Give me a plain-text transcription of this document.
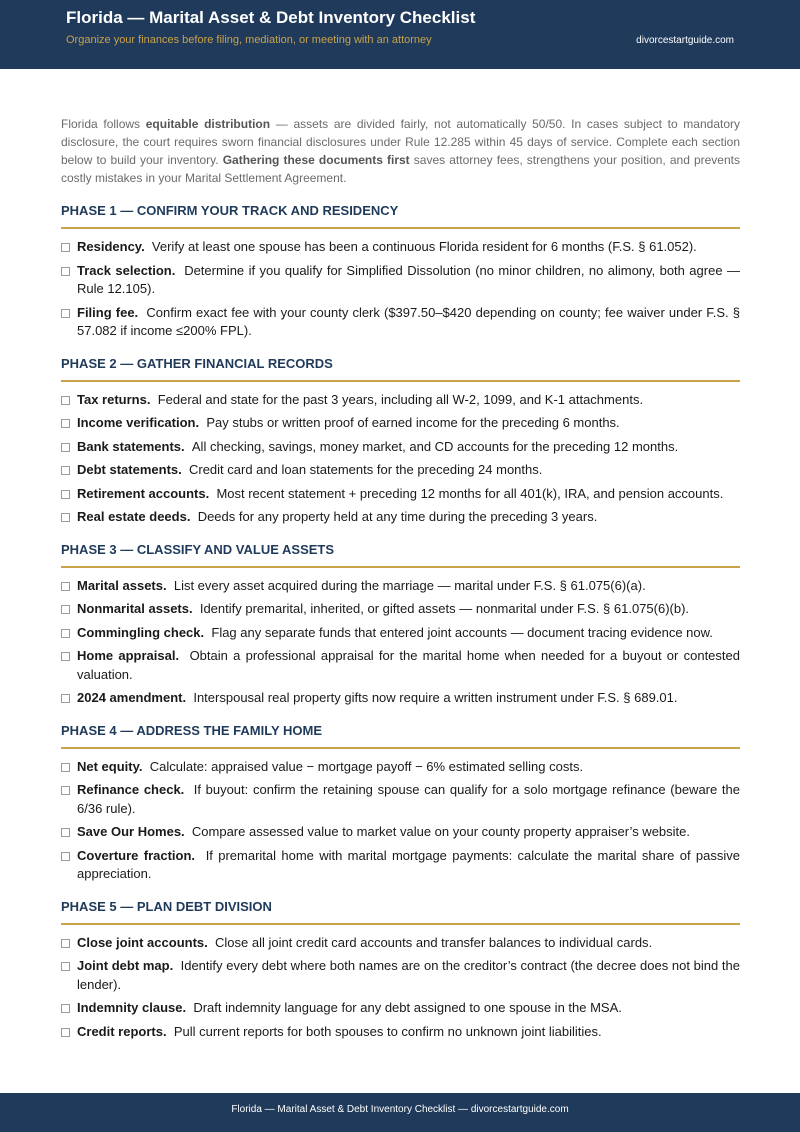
Florida — Marital Asset & Debt Inventory Checklist
Organize your finances before filing, mediation, or meeting with an attorney	divorcestartguide.com

Florida follows equitable distribution — assets are divided fairly, not automatically 50/50. In cases subject to mandatory disclosure, the court requires sworn financial disclosures under Rule 12.285 within 45 days of service. Complete each section below to build your inventory. Gathering these documents first saves attorney fees, strengthens your position, and prevents costly mistakes in your Marital Settlement Agreement.

PHASE 1 — CONFIRM YOUR TRACK AND RESIDENCY
Residency. Verify at least one spouse has been a continuous Florida resident for 6 months (F.S. § 61.052).
Track selection. Determine if you qualify for Simplified Dissolution (no minor children, no alimony, both agree — Rule 12.105).
Filing fee. Confirm exact fee with your county clerk ($397.50–$420 depending on county; fee waiver under F.S. § 57.082 if income ≤200% FPL).
PHASE 2 — GATHER FINANCIAL RECORDS
Tax returns. Federal and state for the past 3 years, including all W-2, 1099, and K-1 attachments.
Income verification. Pay stubs or written proof of earned income for the preceding 6 months.
Bank statements. All checking, savings, money market, and CD accounts for the preceding 12 months.
Debt statements. Credit card and loan statements for the preceding 24 months.
Retirement accounts. Most recent statement + preceding 12 months for all 401(k), IRA, and pension accounts.
Real estate deeds. Deeds for any property held at any time during the preceding 3 years.
PHASE 3 — CLASSIFY AND VALUE ASSETS
Marital assets. List every asset acquired during the marriage — marital under F.S. § 61.075(6)(a).
Nonmarital assets. Identify premarital, inherited, or gifted assets — nonmarital under F.S. § 61.075(6)(b).
Commingling check. Flag any separate funds that entered joint accounts — document tracing evidence now.
Home appraisal. Obtain a professional appraisal for the marital home when needed for a buyout or contested valuation.
2024 amendment. Interspousal real property gifts now require a written instrument under F.S. § 689.01.
PHASE 4 — ADDRESS THE FAMILY HOME
Net equity. Calculate: appraised value − mortgage payoff − 6% estimated selling costs.
Refinance check. If buyout: confirm the retaining spouse can qualify for a solo mortgage refinance (beware the 6/36 rule).
Save Our Homes. Compare assessed value to market value on your county property appraiser’s website.
Coverture fraction. If premarital home with marital mortgage payments: calculate the marital share of passive appreciation.
PHASE 5 — PLAN DEBT DIVISION
Close joint accounts. Close all joint credit card accounts and transfer balances to individual cards.
Joint debt map. Identify every debt where both names are on the creditor’s contract (the decree does not bind the lender).
Indemnity clause. Draft indemnity language for any debt assigned to one spouse in the MSA.
Credit reports. Pull current reports for both spouses to confirm no unknown joint liabilities.
Florida — Marital Asset & Debt Inventory Checklist — divorcestartguide.com
